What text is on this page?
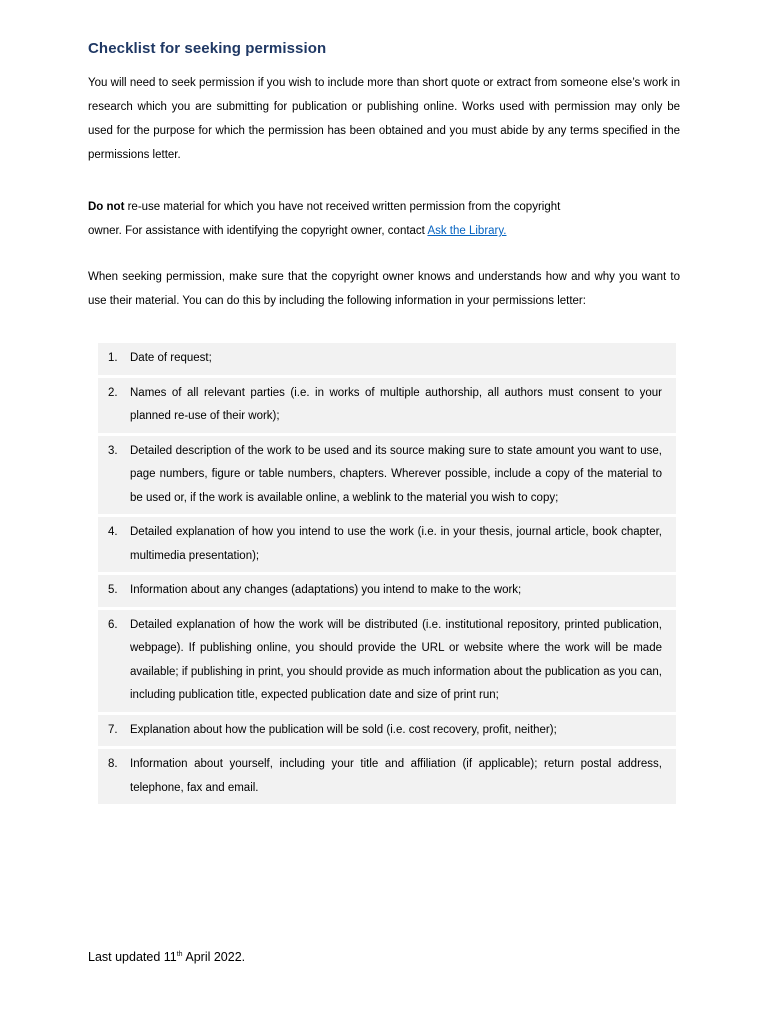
Checklist for seeking permission

You will need to seek permission if you wish to include more than short quote or extract from someone else’s work in research which you are submitting for publication or publishing online. Works used with permission may only be used for the purpose for which the permission has been obtained and you must abide by any terms specified in the permissions letter.

Do not re-use material for which you have not received written permission from the copyright
owner. For assistance with identifying the copyright owner, contact Ask the Library.

When seeking permission, make sure that the copyright owner knows and understands how and why you want to use their material. You can do this by including the following information in your permissions letter:

1.	Date of request;
2.	Names of all relevant parties (i.e. in works of multiple authorship, all authors must consent to your planned re-use of their work);
3.	Detailed description of the work to be used and its source making sure to state amount you want to use, page numbers, figure or table numbers, chapters. Wherever possible, include a copy of the material to be used or, if the work is available online, a weblink to the material you wish to copy;
4.	Detailed explanation of how you intend to use the work (i.e. in your thesis, journal article, book chapter, multimedia presentation);
5.	Information about any changes (adaptations) you intend to make to the work;
6.	Detailed explanation of how the work will be distributed (i.e. institutional repository, printed publication, webpage). If publishing online, you should provide the URL or website where the work will be made available; if publishing in print, you should provide as much information about the publication as you can, including publication title, expected publication date and size of print run;
7.	Explanation about how the publication will be sold (i.e. cost recovery, profit, neither);
8.	Information about yourself, including your title and affiliation (if applicable); return postal address, telephone, fax and email.

Last updated 11th April 2022.
